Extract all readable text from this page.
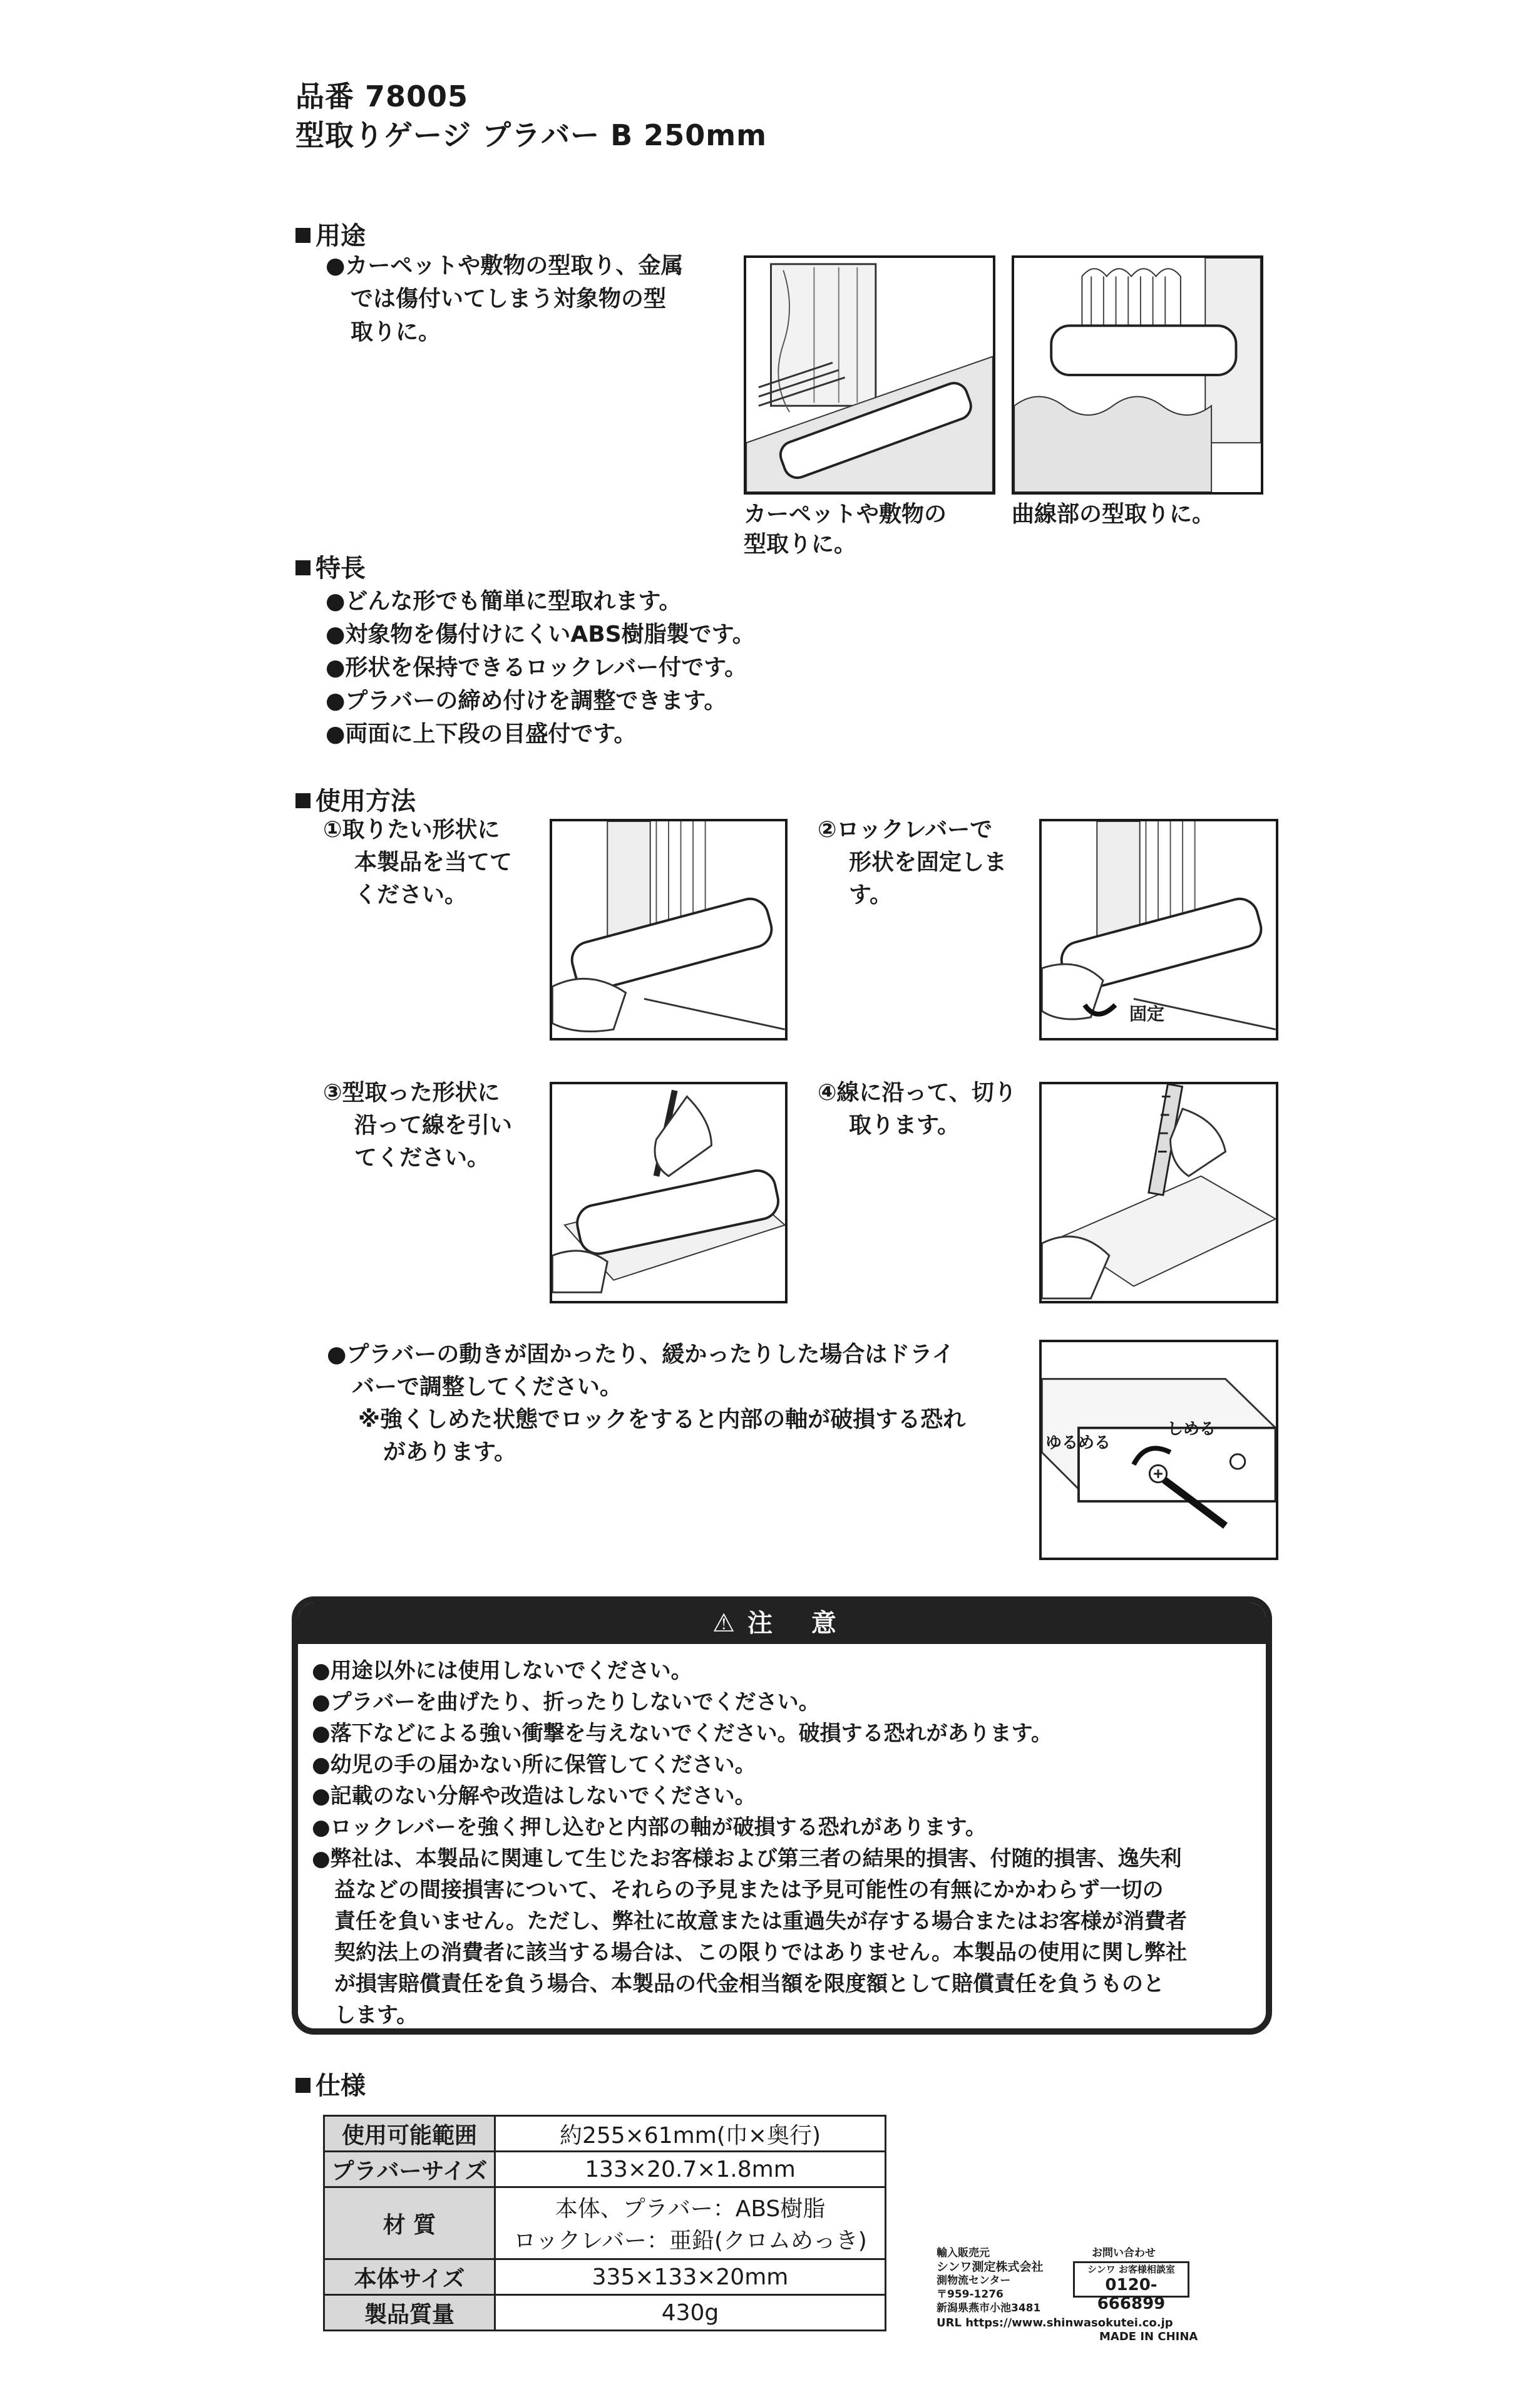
品番 78005
型取りゲージ プラバー B 250mm
用途
●カーペットや敷物の型取り、金属
では傷付いてしまう対象物の型
取りに。
カーペットや敷物の
型取りに。
曲線部の型取りに。
特長
●どんな形でも簡単に型取れます。
●対象物を傷付けにくいABS樹脂製です。
●形状を保持できるロックレバー付です。
●プラバーの締め付けを調整できます。
●両面に上下段の目盛付です。
使用方法
①取りたい形状に
本製品を当てて
ください。
②ロックレバーで
形状を固定しま
す。
固定
③型取った形状に
沿って線を引い
てください。
④線に沿って、切り
取ります。
●プラバーの動きが固かったり、緩かったりした場合はドライ
バーで調整してください。
※強くしめた状態でロックをすると内部の軸が破損する恐れ
があります。	ゆるめる
しめる
⚠ 注 意
●用途以外には使用しないでください。
●プラバーを曲げたり、折ったりしないでください。
●落下などによる強い衝撃を与えないでください。破損する恐れがあります。
●幼児の手の届かない所に保管してください。
●記載のない分解や改造はしないでください。
●ロックレバーを強く押し込むと内部の軸が破損する恐れがあります。
●弊社は、本製品に関連して生じたお客様および第三者の結果的損害、付随的損害、逸失利
益などの間接損害について、それらの予見または予見可能性の有無にかかわらず一切の
責任を負いません。ただし、弊社に故意または重過失が存する場合またはお客様が消費者
契約法上の消費者に該当する場合は、この限りではありません。本製品の使用に関し弊社
が損害賠償責任を負う場合、本製品の代金相当額を限度額として賠償責任を負うものと
します。
仕様
使用可能範囲	約255×61mm(巾×奥行)
プラバーサイズ	133×20.7×1.8mm
材 質	本体、プラバー：ABS樹脂
ロックレバー：亜鉛(クロムめっき)

本体サイズ	335×133×20mm
製品質量	430g
輸入販売元
シンワ測定株式会社
測物流センター
〒959-1276
新潟県燕市小池3481
お問い合わせ
シンワ お客様相談室
0120-666899
URL https://www.shinwasokutei.co.jp
MADE IN CHINA
